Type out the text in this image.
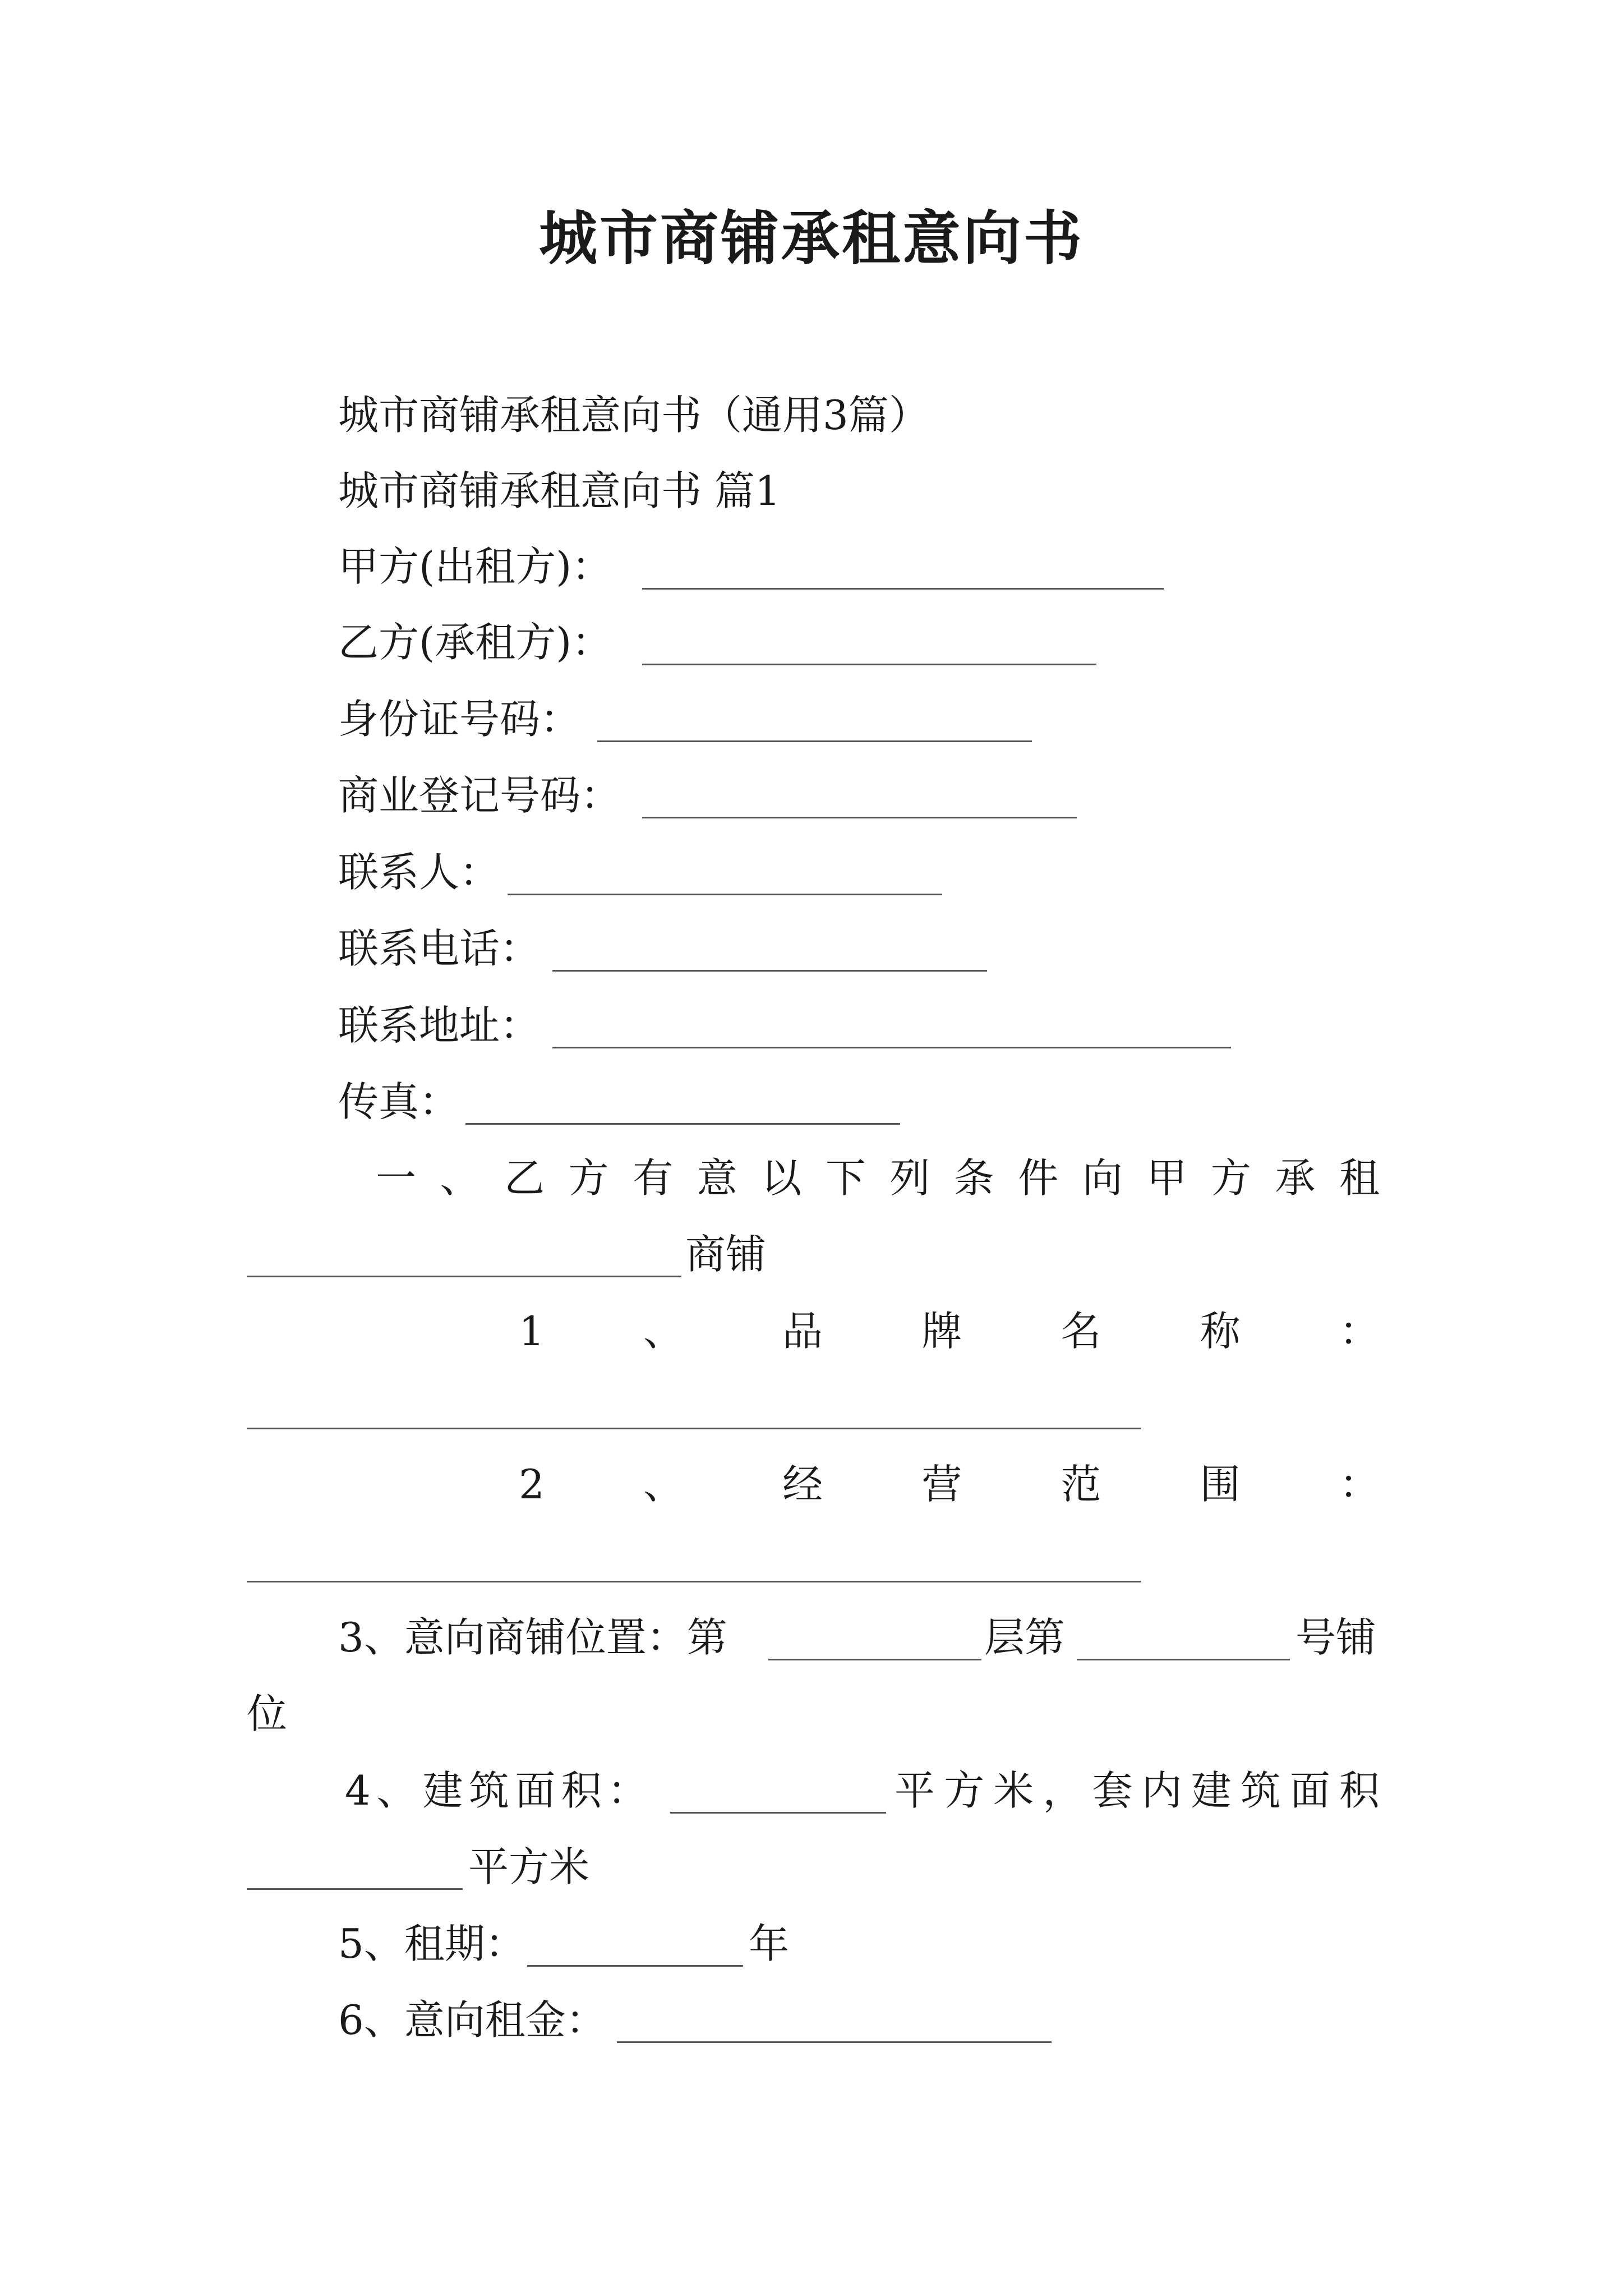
城市商铺承租意向书
城市商铺承租意向书（通用3篇）
城市商铺承租意向书 篇1
甲方(出租方)：
乙方(承租方)：
身份证号码：
商业登记号码：
联系人：
联系电话：
联系地址：
传真：
一 、 乙 方 有 意 以 下 列 条 件 向 甲 方 承 租
商铺
1 、 品 牌 名 称 ：
2 、 经 营 范 围 ：
3、意向商铺位置：第	层第	号铺
位
4 、 建 筑 面 积 ：	平 方 米 ， 套 内 建 筑 面 积
平方米
5、租期：	年
6、意向租金：
